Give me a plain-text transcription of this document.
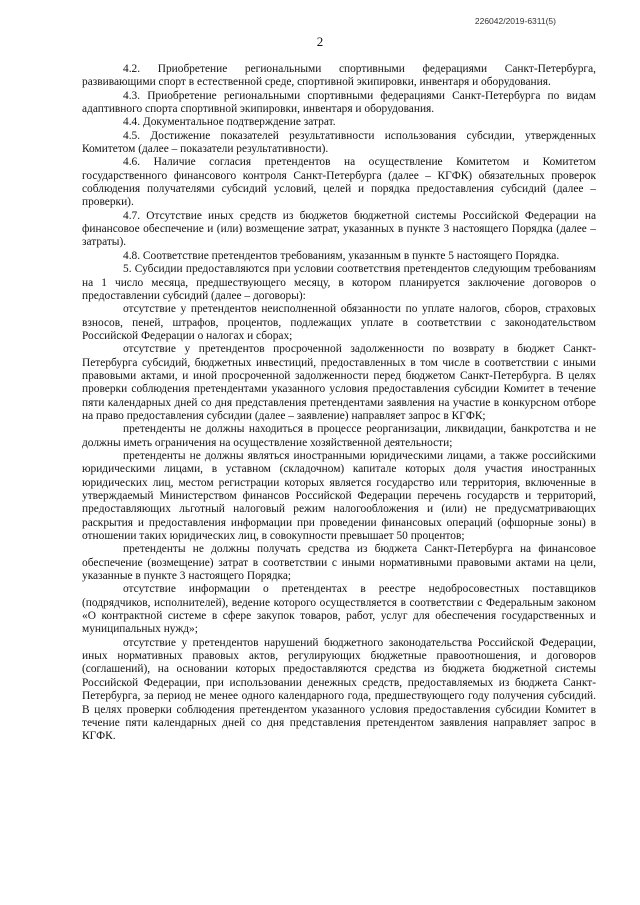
226042/2019-6311(5)
2

4.2. Приобретение региональными спортивными федерациями Санкт-Петербурга, развивающими спорт в естественной среде, спортивной экипировки, инвентаря и оборудования.

4.3. Приобретение региональными спортивными федерациями Санкт-Петербурга по видам адаптивного спорта спортивной экипировки, инвентаря и оборудования.

4.4. Документальное подтверждение затрат.

4.5. Достижение показателей результативности использования субсидии, утвержденных Комитетом (далее – показатели результативности).

4.6. Наличие согласия претендентов на осуществление Комитетом и Комитетом государственного финансового контроля Санкт-Петербурга (далее – КГФК) обязательных проверок соблюдения получателями субсидий условий, целей и порядка предоставления субсидий (далее – проверки).

4.7. Отсутствие иных средств из бюджетов бюджетной системы Российской Федерации на финансовое обеспечение и (или) возмещение затрат, указанных в пункте 3 настоящего Порядка (далее – затраты).

4.8. Соответствие претендентов требованиям, указанным в пункте 5 настоящего Порядка.

5. Субсидии предоставляются при условии соответствия претендентов следующим требованиям на 1 число месяца, предшествующего месяцу, в котором планируется заключение договоров о предоставлении субсидий (далее – договоры):

отсутствие у претендентов неисполненной обязанности по уплате налогов, сборов, страховых взносов, пеней, штрафов, процентов, подлежащих уплате в соответствии с законодательством Российской Федерации о налогах и сборах;

отсутствие у претендентов просроченной задолженности по возврату в бюджет Санкт-Петербурга субсидий, бюджетных инвестиций, предоставленных в том числе в соответствии с иными правовыми актами, и иной просроченной задолженности перед бюджетом Санкт-Петербурга. В целях проверки соблюдения претендентами указанного условия предоставления субсидии Комитет в течение пяти календарных дней со дня представления претендентами заявления на участие в конкурсном отборе на право предоставления субсидии (далее – заявление) направляет запрос в КГФК;

претенденты не должны находиться в процессе реорганизации, ликвидации, банкротства и не должны иметь ограничения на осуществление хозяйственной деятельности;

претенденты не должны являться иностранными юридическими лицами, а также российскими юридическими лицами, в уставном (складочном) капитале которых доля участия иностранных юридических лиц, местом регистрации которых является государство или территория, включенные в утверждаемый Министерством финансов Российской Федерации перечень государств и территорий, предоставляющих льготный налоговый режим налогообложения и (или) не предусматривающих раскрытия и предоставления информации при проведении финансовых операций (офшорные зоны) в отношении таких юридических лиц, в совокупности превышает 50 процентов;

претенденты не должны получать средства из бюджета Санкт-Петербурга на финансовое обеспечение (возмещение) затрат в соответствии с иными нормативными правовыми актами на цели, указанные в пункте 3 настоящего Порядка;

отсутствие информации о претендентах в реестре недобросовестных поставщиков (подрядчиков, исполнителей), ведение которого осуществляется в соответствии с Федеральным законом «О контрактной системе в сфере закупок товаров, работ, услуг для обеспечения государственных и муниципальных нужд»;

отсутствие у претендентов нарушений бюджетного законодательства Российской Федерации, иных нормативных правовых актов, регулирующих бюджетные правоотношения, и договоров (соглашений), на основании которых предоставляются средства из бюджета бюджетной системы Российской Федерации, при использовании денежных средств, предоставляемых из бюджета Санкт-Петербурга, за период не менее одного календарного года, предшествующего году получения субсидий. В целях проверки соблюдения претендентом указанного условия предоставления субсидии Комитет в течение пяти календарных дней со дня представления претендентом заявления направляет запрос в КГФК.
